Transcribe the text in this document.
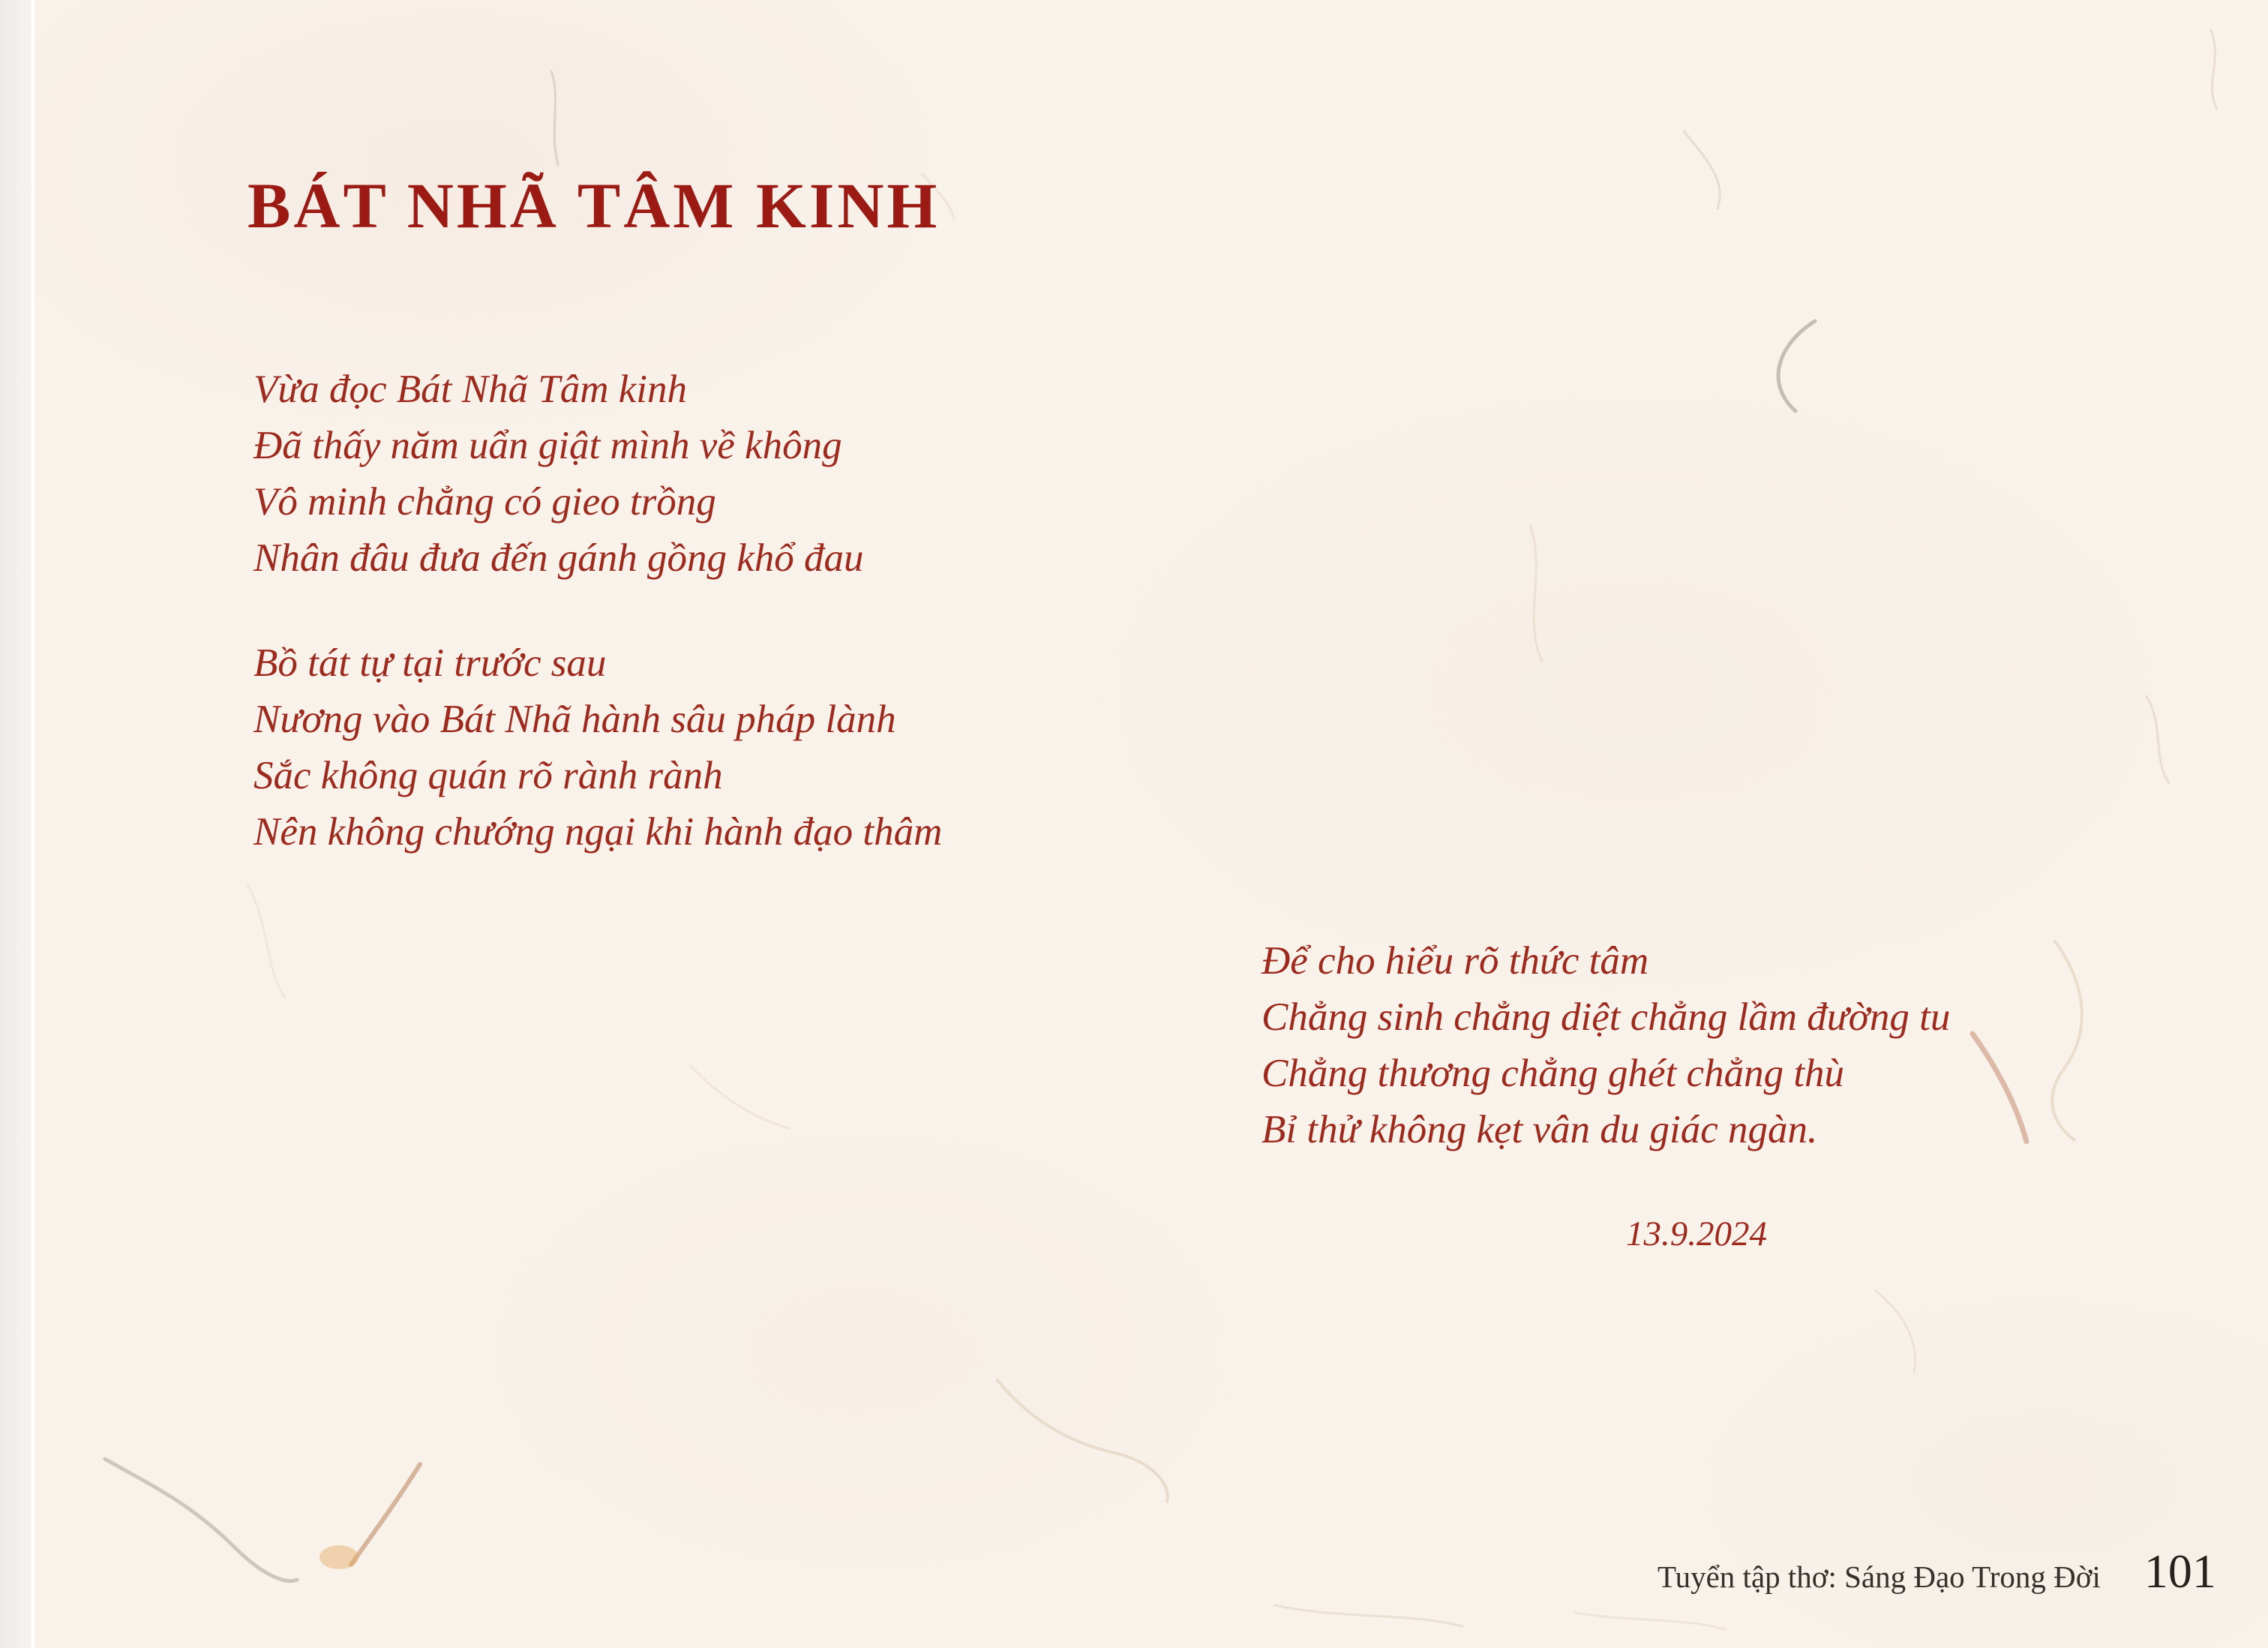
BÁT NHÃ TÂM KINH

Vừa đọc Bát Nhã Tâm kinh

Đã thấy năm uẩn giật mình về không

Vô minh chẳng có gieo trồng

Nhân đâu đưa đến gánh gồng khổ đau

Bồ tát tự tại trước sau

Nương vào Bát Nhã hành sâu pháp lành

Sắc không quán rõ rành rành

Nên không chướng ngại khi hành đạo thâm

Để cho hiểu rõ thức tâm

Chẳng sinh chẳng diệt chẳng lầm đường tu

Chẳng thương chẳng ghét chẳng thù

Bỉ thử không kẹt vân du giác ngàn.

13.9.2024
Tuyển tập thơ: Sáng Đạo Trong Đời 101
